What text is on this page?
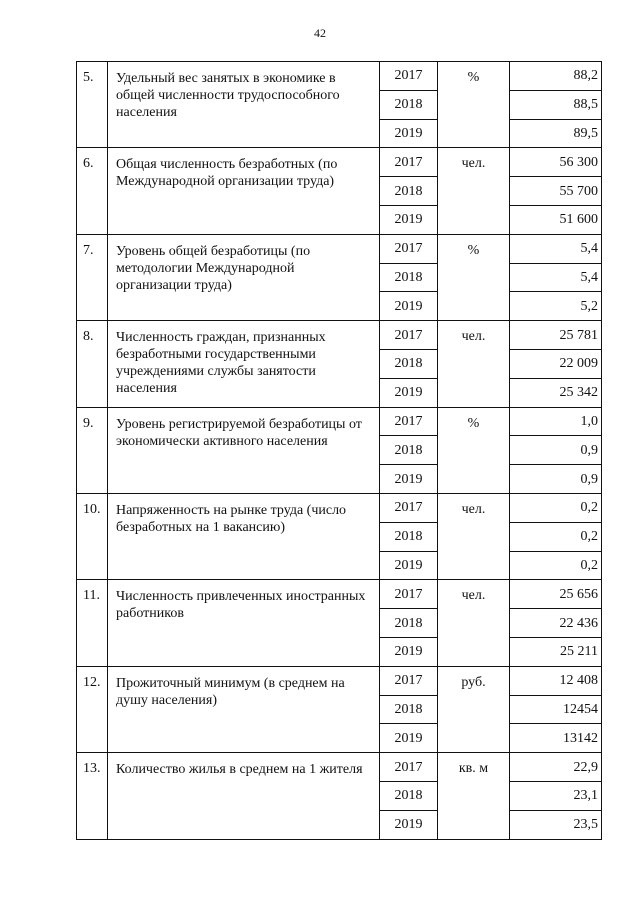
42
5.	Удельный вес занятых в экономике в общей численности трудоспособного населения	2017	%	88,2
		2018		88,5
		2019		89,5
6.	Общая численность безработных (по Международной организации труда)	2017	чел.	56 300
		2018		55 700
		2019		51 600
7.	Уровень общей безработицы (по методологии Международной организации труда)	2017	%	5,4
		2018		5,4
		2019		5,2
8.	Численность граждан, признанных безработными государственными учреждениями службы занятости населения	2017	чел.	25 781
		2018		22 009
		2019		25 342
9.	Уровень регистрируемой безработицы от экономически активного населения	2017	%	1,0
		2018		0,9
		2019		0,9
10.	Напряженность на рынке труда (число безработных на 1 вакансию)	2017	чел.	0,2
		2018		0,2
		2019		0,2
11.	Численность привлеченных иностранных работников	2017	чел.	25 656
		2018		22 436
		2019		25 211
12.	Прожиточный минимум (в среднем на душу населения)	2017	руб.	12 408
		2018		12454
		2019		13142
13.	Количество жилья в среднем на 1 жителя	2017	кв. м	22,9
		2018		23,1
		2019		23,5
